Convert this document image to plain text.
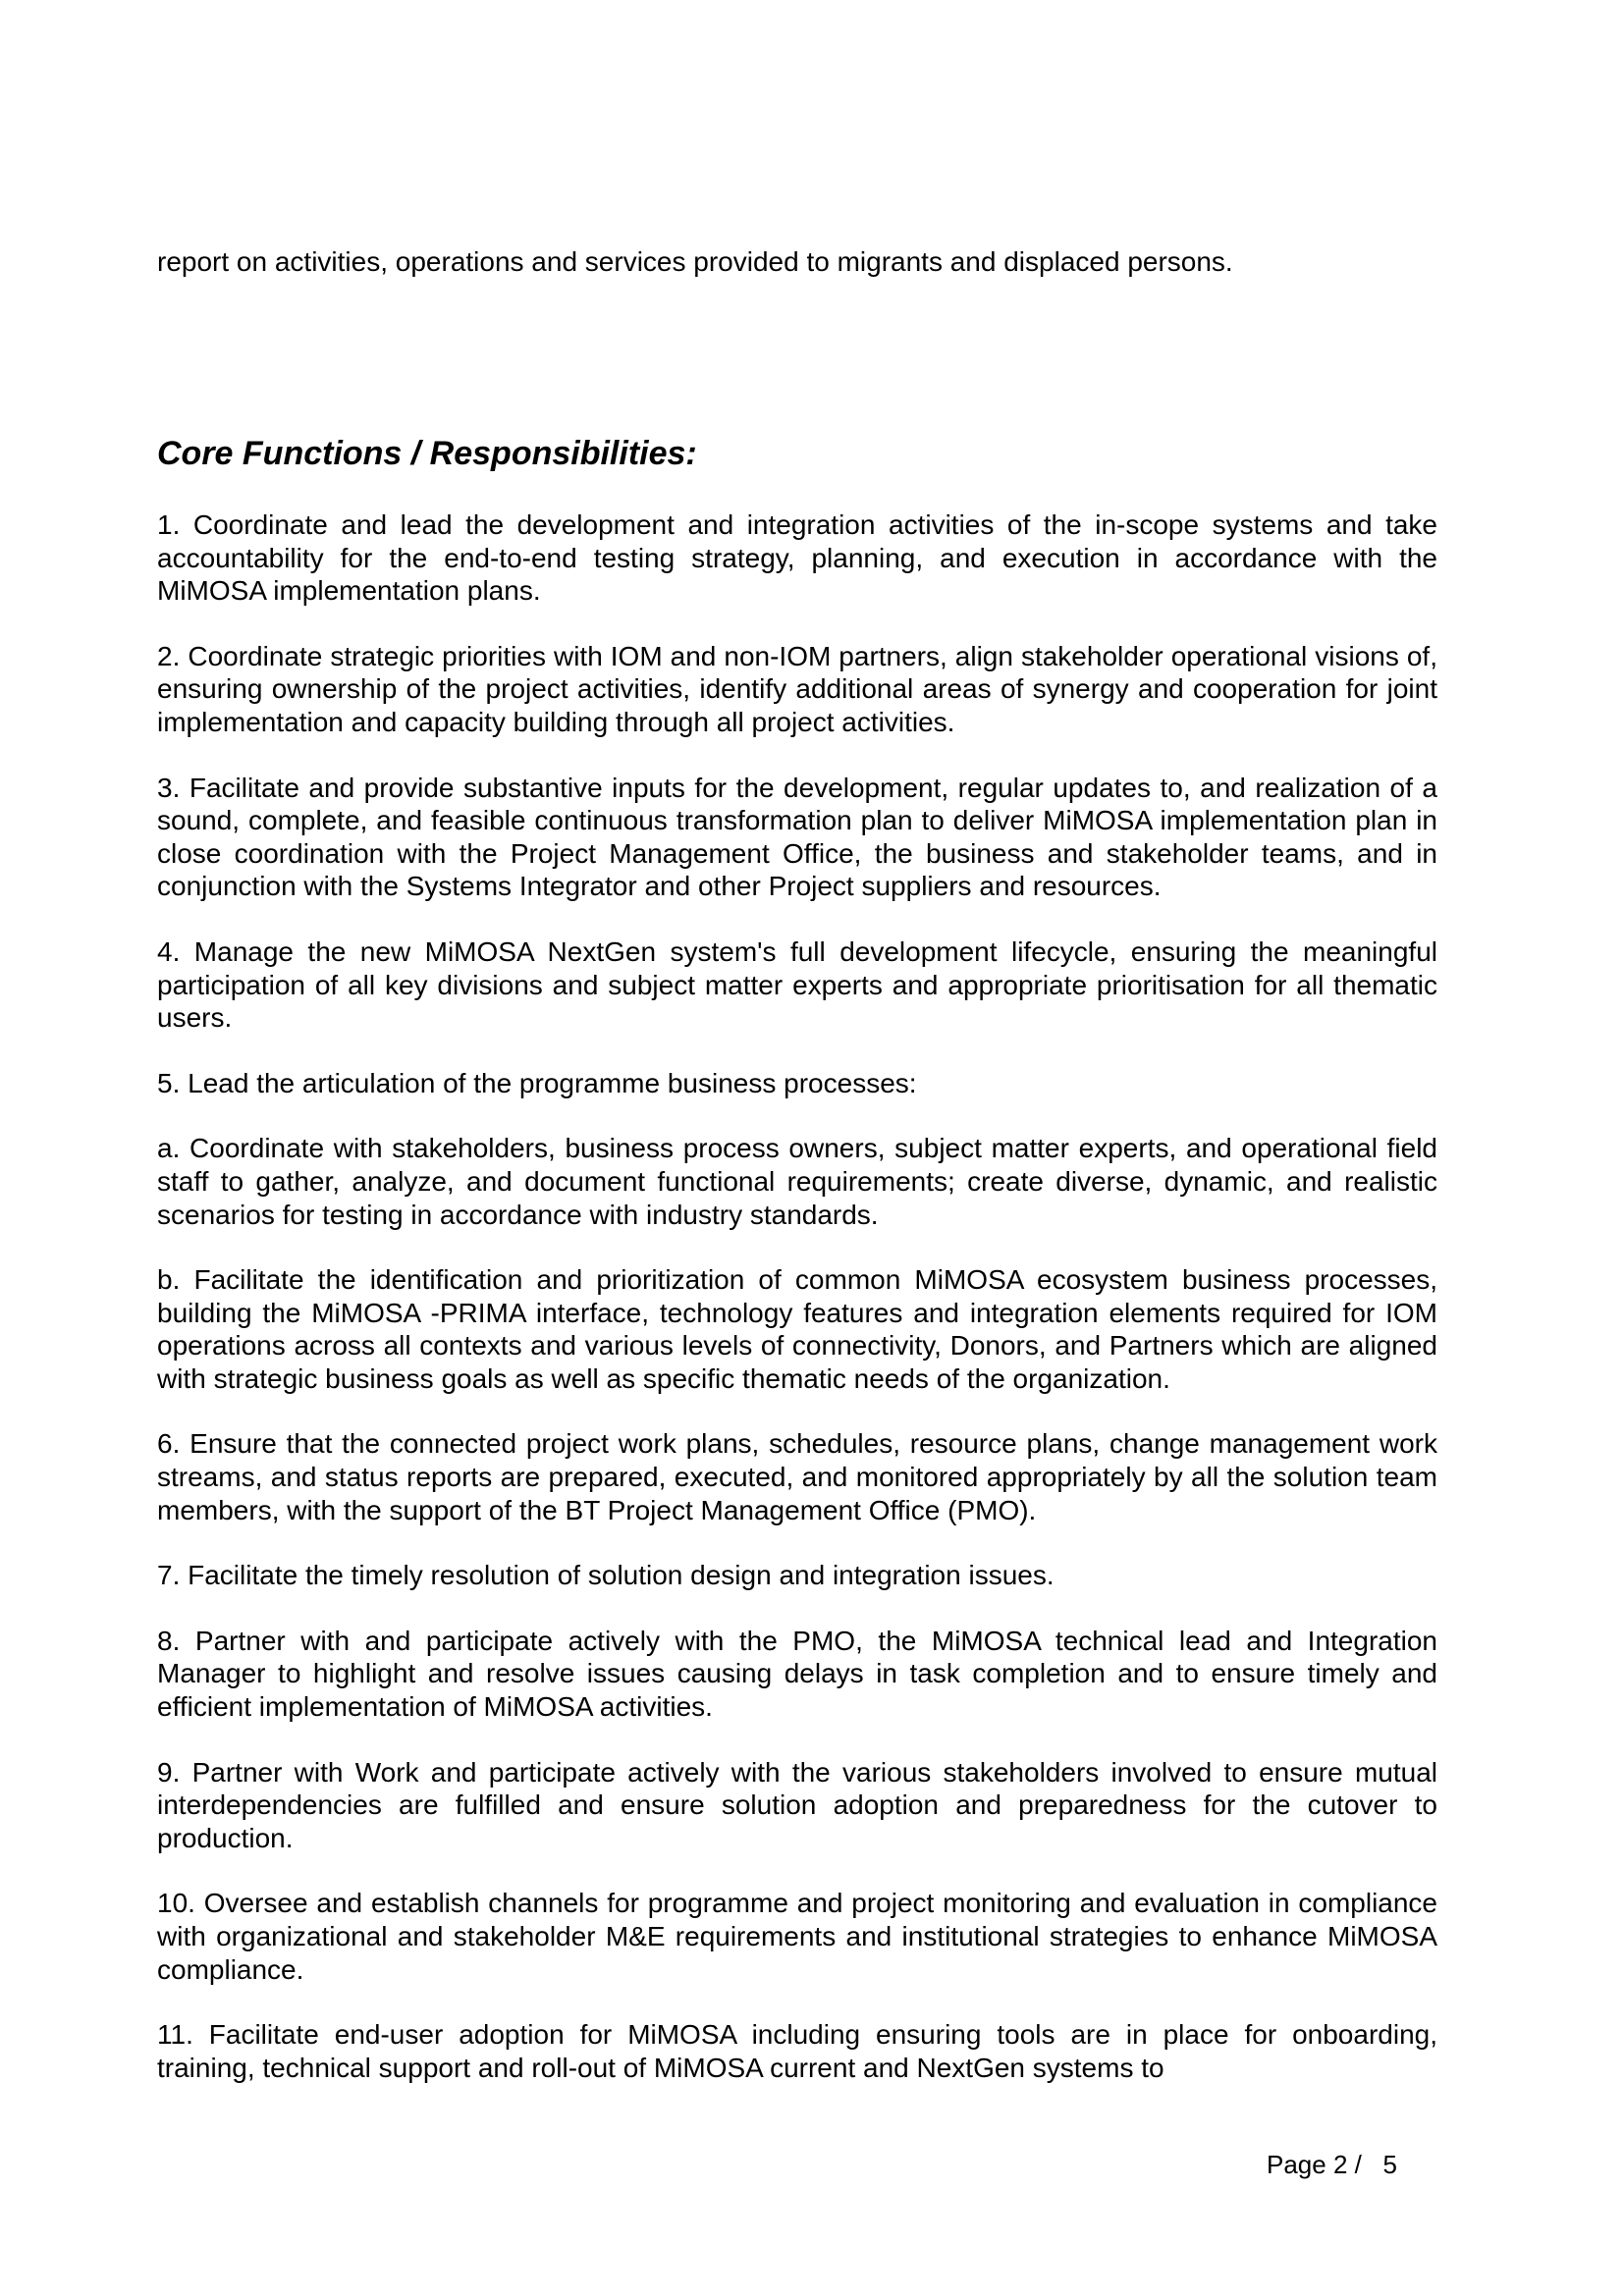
report on activities, operations and services provided to migrants and displaced persons.

Core Functions / Responsibilities:

1. Coordinate and lead the development and integration activities of the in-scope systems and take accountability for the end-to-end testing strategy, planning, and execution in accordance with the MiMOSA implementation plans.

2. Coordinate strategic priorities with IOM and non-IOM partners, align stakeholder operational visions of, ensuring ownership of the project activities, identify additional areas of synergy and cooperation for joint implementation and capacity building through all project activities.

3. Facilitate and provide substantive inputs for the development, regular updates to, and realization of a sound, complete, and feasible continuous transformation plan to deliver MiMOSA implementation plan in close coordination with the Project Management Office, the business and stakeholder teams, and in conjunction with the Systems Integrator and other Project suppliers and resources.

4. Manage the new MiMOSA NextGen system's full development lifecycle, ensuring the meaningful participation of all key divisions and subject matter experts and appropriate prioritisation for all thematic users.

5. Lead the articulation of the programme business processes:

a. Coordinate with stakeholders, business process owners, subject matter experts, and operational field staff to gather, analyze, and document functional requirements; create diverse, dynamic, and realistic scenarios for testing in accordance with industry standards.

b. Facilitate the identification and prioritization of common MiMOSA ecosystem business processes, building the MiMOSA -PRIMA interface, technology features and integration elements required for IOM operations across all contexts and various levels of connectivity, Donors, and Partners which are aligned with strategic business goals as well as specific thematic needs of the organization.

6. Ensure that the connected project work plans, schedules, resource plans, change management work streams, and status reports are prepared, executed, and monitored appropriately by all the solution team members, with the support of the BT Project Management Office (PMO).

7. Facilitate the timely resolution of solution design and integration issues.

8. Partner with and participate actively with the PMO, the MiMOSA technical lead and Integration Manager to highlight and resolve issues causing delays in task completion and to ensure timely and efficient implementation of MiMOSA activities.

9. Partner with Work and participate actively with the various stakeholders involved to ensure mutual interdependencies are fulfilled and ensure solution adoption and preparedness for the cutover to production.

10. Oversee and establish channels for programme and project monitoring and evaluation in compliance with organizational and stakeholder M&E requirements and institutional strategies to enhance MiMOSA compliance.

11. Facilitate end-user adoption for MiMOSA including ensuring tools are in place for onboarding, training, technical support and roll-out of MiMOSA current and NextGen systems to

Page 2 /   5
